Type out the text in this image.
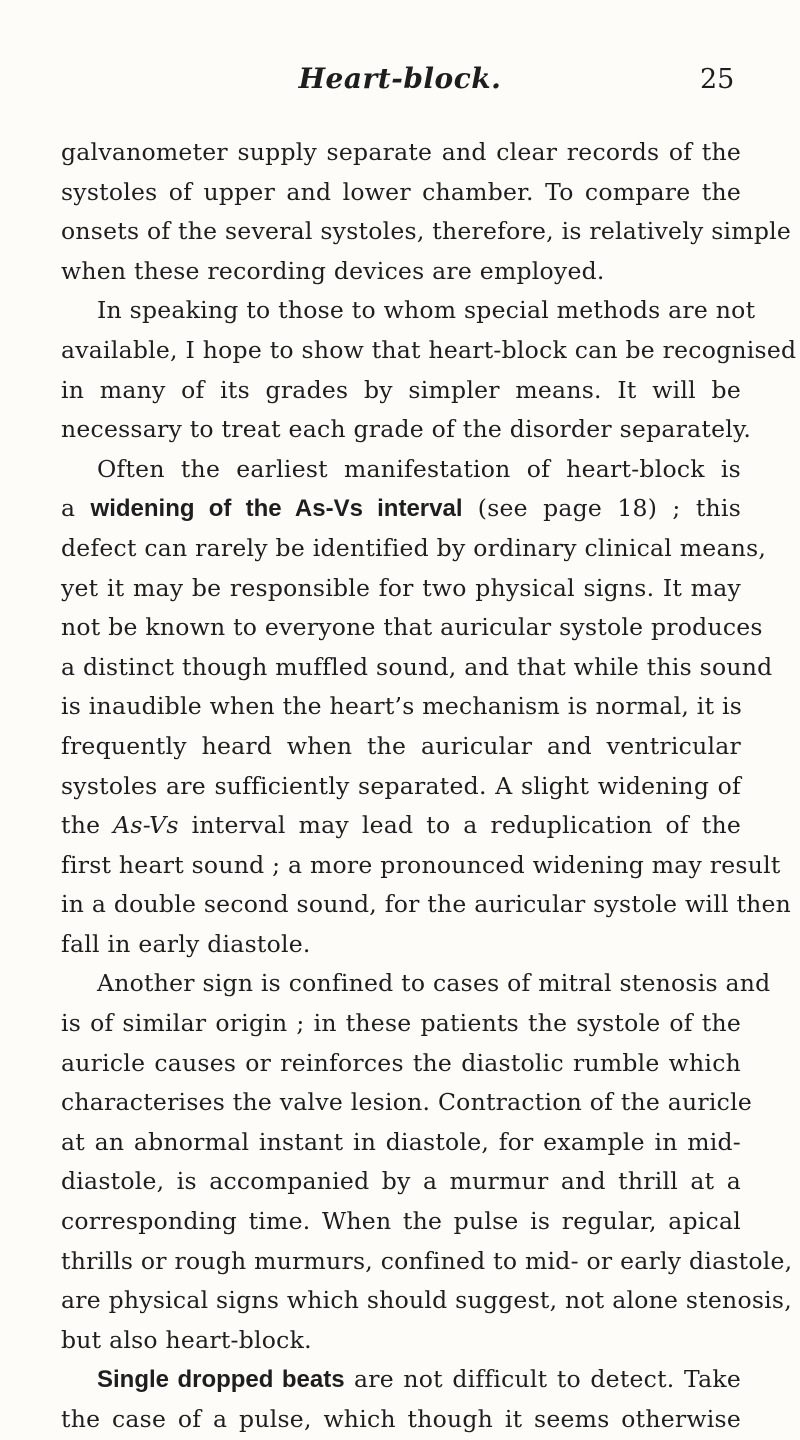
Heart-block.	25
galvanometer supply separate and clear records of the
systoles of upper and lower chamber. To compare the
onsets of the several systoles, therefore, is relatively simple
when these recording devices are employed.
In speaking to those to whom special methods are not
available, I hope to show that heart-block can be recognised
in many of its grades by simpler means. It will be
necessary to treat each grade of the disorder separately.
Often the earliest manifestation of heart-block is
a widening of the As-Vs interval (see page 18) ; this
defect can rarely be identified by ordinary clinical means,
yet it may be responsible for two physical signs. It may
not be known to everyone that auricular systole produces
a distinct though muffled sound, and that while this sound
is inaudible when the heart’s mechanism is normal, it is
frequently heard when the auricular and ventricular
systoles are sufficiently separated. A slight widening of
the As-Vs interval may lead to a reduplication of the
first heart sound ; a more pronounced widening may result
in a double second sound, for the auricular systole will then
fall in early diastole.
Another sign is confined to cases of mitral stenosis and
is of similar origin ; in these patients the systole of the
auricle causes or reinforces the diastolic rumble which
characterises the valve lesion. Contraction of the auricle
at an abnormal instant in diastole, for example in mid-
diastole, is accompanied by a murmur and thrill at a
corresponding time. When the pulse is regular, apical
thrills or rough murmurs, confined to mid- or early diastole,
are physical signs which should suggest, not alone stenosis,
but also heart-block.
Single dropped beats are not difficult to detect. Take
the case of a pulse, which though it seems otherwise
